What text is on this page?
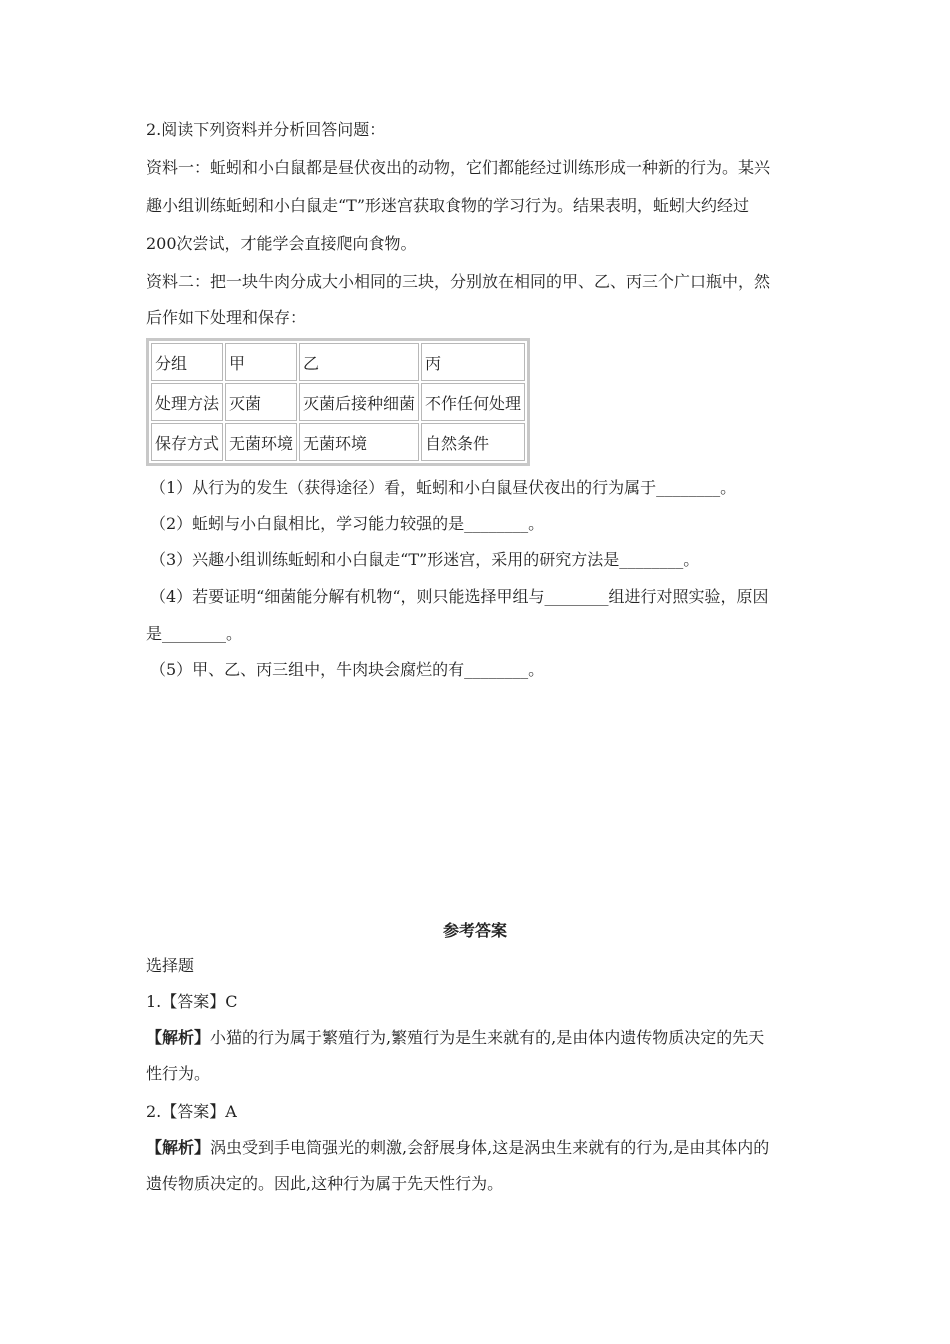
2.阅读下列资料并分析回答问题：
资料一：蚯蚓和小白鼠都是昼伏夜出的动物，它们都能经过训练形成一种新的行为。某兴
趣小组训练蚯蚓和小白鼠走“T”形迷宫获取食物的学习行为。结果表明，蚯蚓大约经过
200次尝试，才能学会直接爬向食物。
资料二：把一块牛肉分成大小相同的三块，分别放在相同的甲、乙、丙三个广口瓶中，然
后作如下处理和保存：
分组	甲	乙	丙
处理方法	灭菌	灭菌后接种细菌	不作任何处理
保存方式	无菌环境	无菌环境	自然条件
（1）从行为的发生（获得途径）看，蚯蚓和小白鼠昼伏夜出的行为属于________。
（2）蚯蚓与小白鼠相比，学习能力较强的是________。
（3）兴趣小组训练蚯蚓和小白鼠走“T”形迷宫，采用的研究方法是________。
（4）若要证明“细菌能分解有机物“，则只能选择甲组与________组进行对照实验，原因
是________。
（5）甲、乙、丙三组中，牛肉块会腐烂的有________。
参考答案
选择题
1.【答案】C
【解析】小猫的行为属于繁殖行为,繁殖行为是生来就有的,是由体内遗传物质决定的先天
性行为。
2.【答案】A
【解析】涡虫受到手电筒强光的刺激,会舒展身体,这是涡虫生来就有的行为,是由其体内的
遗传物质决定的。因此,这种行为属于先天性行为。
